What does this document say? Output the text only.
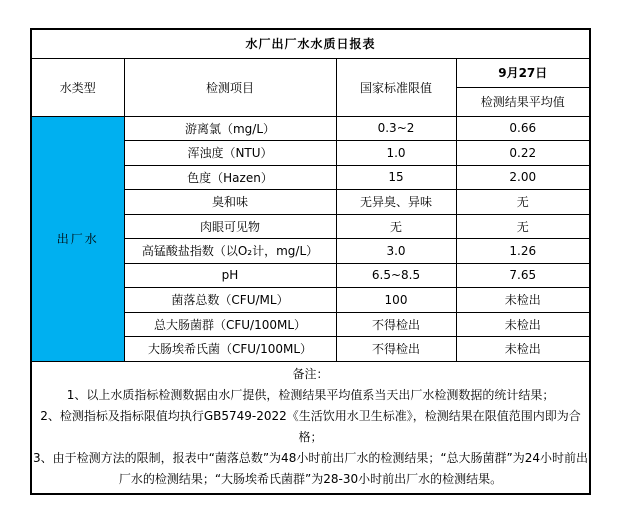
水厂出厂水水质日报表			
水类型	检测项目	国家标准限值	9月27日
			检测结果平均值
出厂水	游离氯（mg/L）	0.3~2	0.66
	浑浊度（NTU）	1.0	0.22
	色度（Hazen）	15	2.00
	臭和味	无异臭、异味	无
	肉眼可见物	无	无
	高锰酸盐指数（以O₂计，mg/L）	3.0	1.26
	pH	6.5~8.5	7.65
	菌落总数（CFU/ML）	100	未检出
	总大肠菌群（CFU/100ML）	不得检出	未检出
	大肠埃希氏菌（CFU/100ML）	不得检出	未检出

备注：
1、以上水质指标检测数据由水厂提供，检测结果平均值系当天出厂水检测数据的统计结果；
2、检测指标及指标限值均执行GB5749-2022《生活饮用水卫生标准》，检测结果在限值范围内即为合格；
3、由于检测方法的限制，报表中“菌落总数”为48小时前出厂水的检测结果；“总大肠菌群”为24小时前出厂水的检测结果；“大肠埃希氏菌群”为28-30小时前出厂水的检测结果。			
